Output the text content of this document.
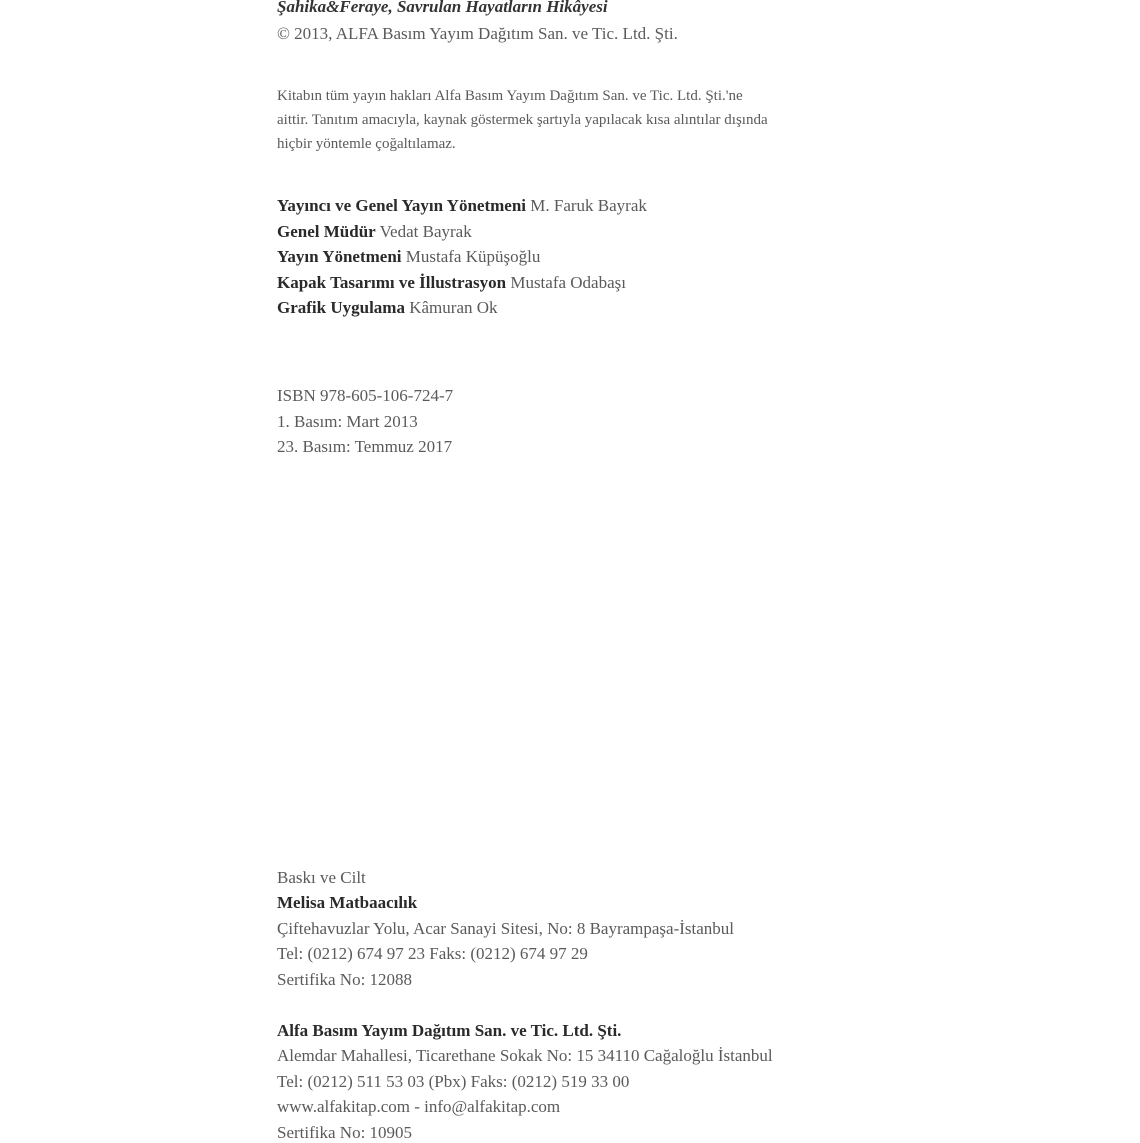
Şahika&Feraye, Savrulan Hayatların Hikâyesi
© 2013, ALFA Basım Yayım Dağıtım San. ve Tic. Ltd. Şti.
Kitabın tüm yayın hakları Alfa Basım Yayım Dağıtım San. ve Tic. Ltd. Şti.'ne
aittir. Tanıtım amacıyla, kaynak göstermek şartıyla yapılacak kısa alıntılar dışında
hiçbir yöntemle çoğaltılamaz.
Yayıncı ve Genel Yayın Yönetmeni M. Faruk Bayrak
Genel Müdür Vedat Bayrak
Yayın Yönetmeni Mustafa Küpüşoğlu
Kapak Tasarımı ve İllustrasyon Mustafa Odabaşı
Grafik Uygulama Kâmuran Ok
ISBN 978-605-106-724-7
1. Basım: Mart 2013
23. Basım: Temmuz 2017
Baskı ve Cilt
Melisa Matbaacılık
Çiftehavuzlar Yolu, Acar Sanayi Sitesi, No: 8 Bayrampaşa-İstanbul
Tel: (0212) 674 97 23 Faks: (0212) 674 97 29
Sertifika No: 12088
Alfa Basım Yayım Dağıtım San. ve Tic. Ltd. Şti.
Alemdar Mahallesi, Ticarethane Sokak No: 15 34110 Cağaloğlu İstanbul
Tel: (0212) 511 53 03 (Pbx) Faks: (0212) 519 33 00
www.alfakitap.com - info@alfakitap.com
Sertifika No: 10905
